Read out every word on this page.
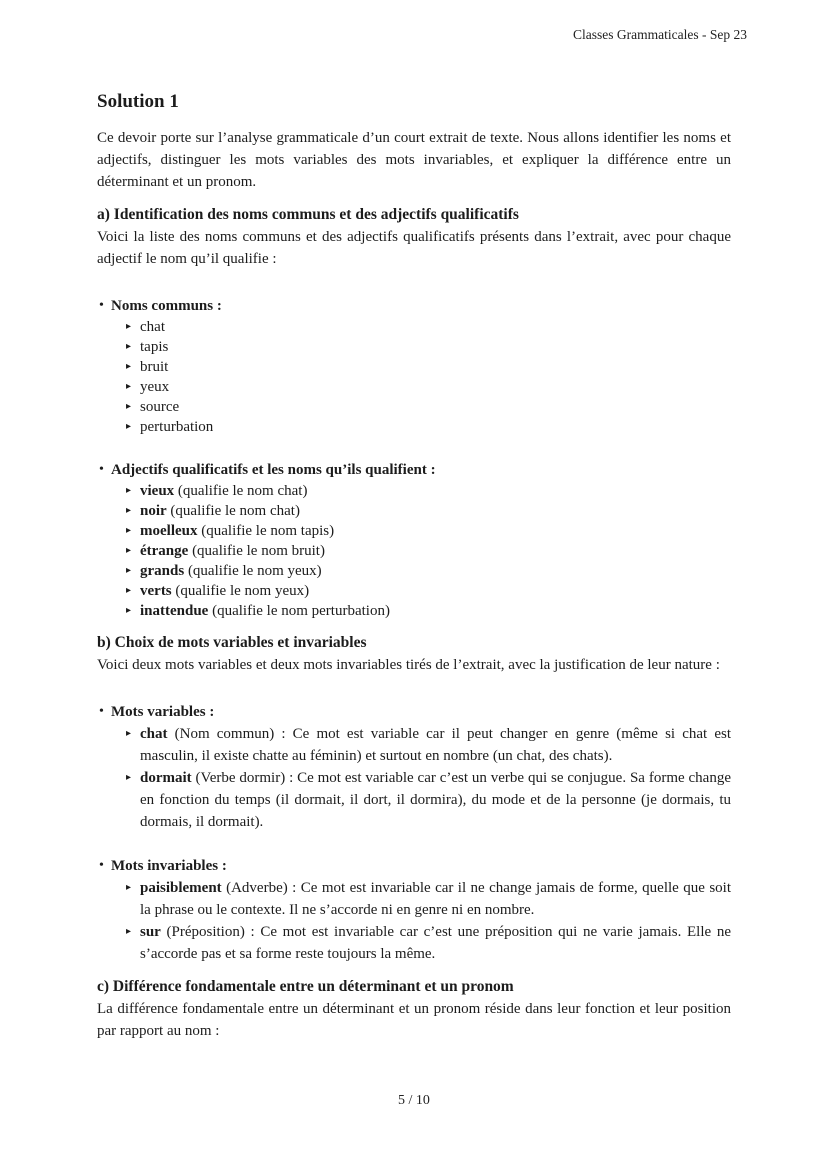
Classes Grammaticales - Sep 23
Solution 1

Ce devoir porte sur l’analyse grammaticale d’un court extrait de texte. Nous allons identifier les noms et adjectifs, distinguer les mots variables des mots invariables, et expliquer la différence entre un déterminant et un pronom.

a) Identification des noms communs et des adjectifs qualificatifs

Voici la liste des noms communs et des adjectifs qualificatifs présents dans l’extrait, avec pour chaque adjectif le nom qu’il qualifie :

• Noms communs :
▸ chat
▸ tapis
▸ bruit
▸ yeux
▸ source
▸ perturbation
• Adjectifs qualificatifs et les noms qu’ils qualifient :
▸ vieux (qualifie le nom chat)
▸ noir (qualifie le nom chat)
▸ moelleux (qualifie le nom tapis)
▸ étrange (qualifie le nom bruit)
▸ grands (qualifie le nom yeux)
▸ verts (qualifie le nom yeux)
▸ inattendue (qualifie le nom perturbation)
b) Choix de mots variables et invariables

Voici deux mots variables et deux mots invariables tirés de l’extrait, avec la justification de leur nature :

• Mots variables :
▸ chat (Nom commun) : Ce mot est variable car il peut changer en genre (même si chat est masculin, il existe chatte au féminin) et surtout en nombre (un chat, des chats).
▸ dormait (Verbe dormir) : Ce mot est variable car c’est un verbe qui se conjugue. Sa forme change en fonction du temps (il dormait, il dort, il dormira), du mode et de la personne (je dormais, tu dormais, il dormait).
• Mots invariables :
▸ paisiblement (Adverbe) : Ce mot est invariable car il ne change jamais de forme, quelle que soit la phrase ou le contexte. Il ne s’accorde ni en genre ni en nombre.
▸ sur (Préposition) : Ce mot est invariable car c’est une préposition qui ne varie jamais. Elle ne s’accorde pas et sa forme reste toujours la même.
c) Différence fondamentale entre un déterminant et un pronom

La différence fondamentale entre un déterminant et un pronom réside dans leur fonction et leur position par rapport au nom :

5 / 10
